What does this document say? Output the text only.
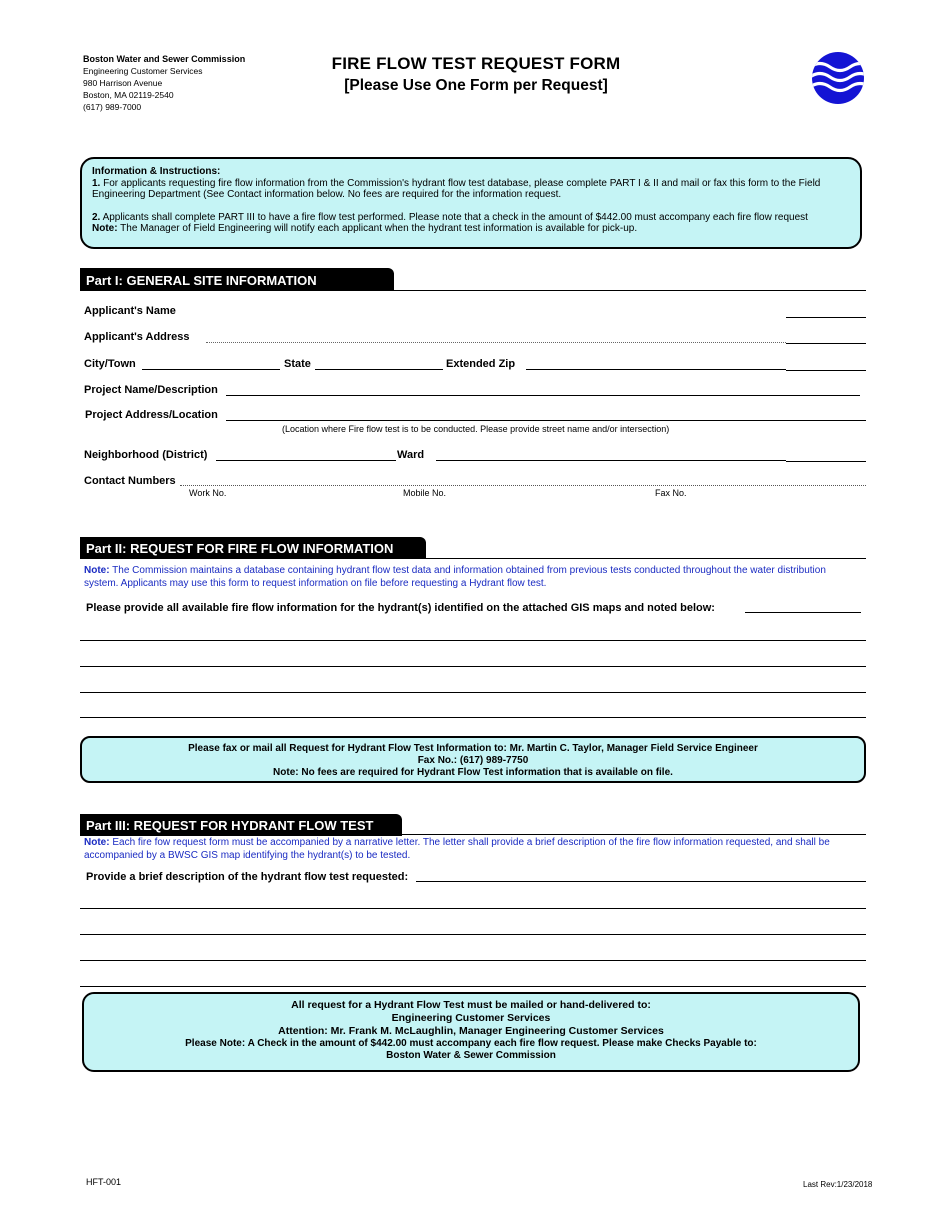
Boston Water and Sewer Commission
Engineering Customer Services
980 Harrison Avenue
Boston, MA 02119-2540
(617) 989-7000
FIRE FLOW TEST REQUEST FORM
[Please Use One Form per Request]
Information & Instructions:
1. For applicants requesting fire flow information from the Commission's hydrant flow test database, please complete PART I & II and mail or fax this form to the Field Engineering Department (See Contact information below. No fees are required for the information request.
2. Applicants shall complete PART III to have a fire flow test performed. Please note that a check in the amount of $442.00 must accompany each fire flow request
Note: The Manager of Field Engineering will notify each applicant when the hydrant test information is available for pick-up.
Part I: GENERAL SITE INFORMATION
Applicant's Name
Applicant's Address
City/Town	State	Extended Zip
Project Name/Description
Project Address/Location
(Location where Fire flow test is to be conducted. Please provide street name and/or intersection)
Neighborhood (District)	Ward
Contact Numbers
Work No.	Mobile No.	Fax No.
Part II: REQUEST FOR FIRE FLOW INFORMATION
Note: The Commission maintains a database containing hydrant flow test data and information obtained from previous tests conducted throughout the water distribution system. Applicants may use this form to request information on file before requesting a Hydrant flow test.
Please provide all available fire flow information for the hydrant(s) identified on the attached GIS maps and noted below:
Please fax or mail all Request for Hydrant Flow Test Information to: Mr. Martin C. Taylor, Manager Field Service Engineer
Fax No.: (617) 989-7750
Note: No fees are required for Hydrant Flow Test information that is available on file.
Part III: REQUEST FOR HYDRANT FLOW TEST
Note: Each fire fow request form must be accompanied by a narrative letter. The letter shall provide a brief description of the fire flow information requested, and shall be accompanied by a BWSC GIS map identifying the hydrant(s) to be tested.
Provide a brief description of the hydrant flow test requested:
All request for a Hydrant Flow Test must be mailed or hand-delivered to:
Engineering Customer Services
Attention: Mr. Frank M. McLaughlin, Manager Engineering Customer Services
Please Note: A Check in the amount of $442.00 must accompany each fire flow request. Please make Checks Payable to:
Boston Water & Sewer Commission
HFT-001	Last Rev:1/23/2018
